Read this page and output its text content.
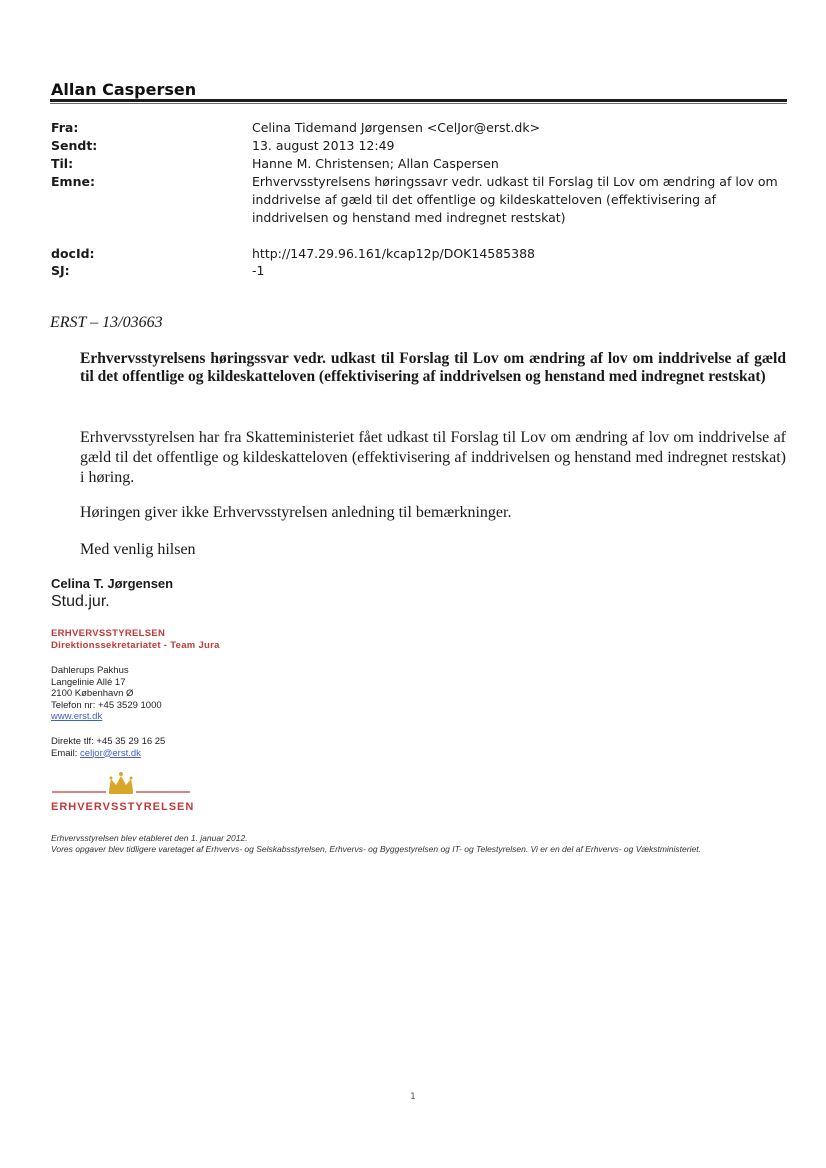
Allan Caspersen
Fra:	Celina Tidemand Jørgensen <CelJor@erst.dk>
Sendt:	13. august 2013 12:49
Til:	Hanne M. Christensen; Allan Caspersen
Emne:	Erhvervsstyrelsens høringssavr vedr. udkast til Forslag til Lov om ændring af lov om inddrivelse af gæld til det offentlige og kildeskatteloven (effektivisering af inddrivelsen og henstand med indregnet restskat)
docId:	http://147.29.96.161/kcap12p/DOK14585388
SJ:	-1
ERST – 13/03663
Erhvervsstyrelsens høringssvar vedr. udkast til Forslag til Lov om ændring af lov om inddrivelse af gæld til det offentlige og kildeskatteloven (effektivisering af inddrivelsen og henstand med indregnet restskat)
Erhvervsstyrelsen har fra Skatteministeriet fået udkast til Forslag til Lov om ændring af lov om inddrivelse af gæld til det offentlige og kildeskatteloven (effektivisering af inddrivelsen og henstand med indregnet restskat) i høring.
Høringen giver ikke Erhvervsstyrelsen anledning til bemærkninger.
Med venlig hilsen
Celina T. Jørgensen
Stud.jur.
ERHVERVSSTYRELSEN
Direktionssekretariatet - Team Jura
Dahlerups Pakhus
Langelinie Allé 17
2100 København Ø
Telefon nr: +45 3529 1000
www.erst.dk
Direkte tlf: +45 35 29 16 25
Email: celjor@erst.dk
ERHVERVSSTYRELSEN
Erhvervsstyrelsen blev etableret den 1. januar 2012.
Vores opgaver blev tidligere varetaget af Erhvervs- og Selskabsstyrelsen, Erhvervs- og Byggestyrelsen og IT- og Telestyrelsen. Vi er en del af Erhvervs- og Vækstministeriet.
1
